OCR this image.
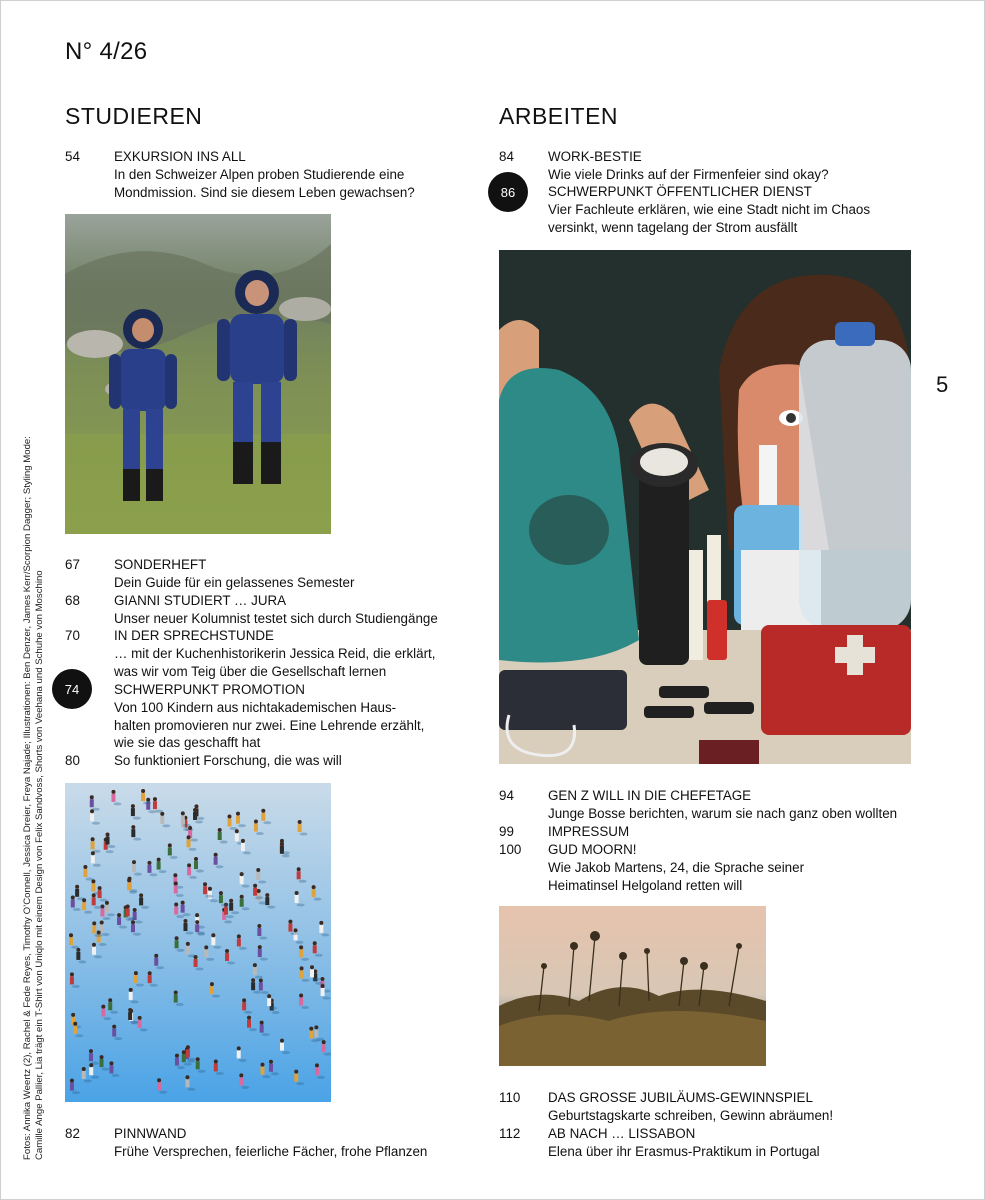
N° 4/26
5
STUDIEREN
54	EXKURSION INS ALL
In den Schweizer Alpen proben Studierende eine
Mondmission. Sind sie diesem Leben gewachsen?
67	SONDERHEFT
Dein Guide für ein gelassenes Semester
68	GIANNI STUDIERT … JURA
Unser neuer Kolumnist testet sich durch Studiengänge
70	IN DER SPRECHSTUNDE
… mit der Kuchenhistorikerin Jessica Reid, die erklärt,
was wir vom Teig über die Gesellschaft lernen
74	SCHWERPUNKT PROMOTION
Von 100 Kindern aus nichtakademischen Haus-
halten promovieren nur zwei. Eine Lehrende erzählt,
wie sie das geschafft hat
80	So funktioniert Forschung, die was will
82	PINNWAND
Frühe Versprechen, feierliche Fächer, frohe Pflanzen
ARBEITEN
84	WORK-BESTIE
Wie viele Drinks auf der Firmenfeier sind okay?
86	SCHWERPUNKT ÖFFENTLICHER DIENST
Vier Fachleute erklären, wie eine Stadt nicht im Chaos
versinkt, wenn tagelang der Strom ausfällt
94	GEN Z WILL IN DIE CHEFETAGE
Junge Bosse berichten, warum sie nach ganz oben wollten
99	IMPRESSUM
100 GUD MOORN!
Wie Jakob Martens, 24, die Sprache seiner
Heimatinsel Helgoland retten will
110 DAS GROSSE JUBILÄUMS-GEWINNSPIEL
Geburtstagskarte schreiben, Gewinn abräumen!
112 AB NACH … LISSABON
Elena über ihr Erasmus-Praktikum in Portugal
Fotos: Annika Weertz (2), Rachel & Fede Reyes, Timothy O’Connell, Jessica Dreier, Freya Najade; Illustrationen: Ben Denzer, James Kerr/Scorpion Dagger; Styling Mode: Camille Ange Pallier, Lia trägt ein T-Shirt von Uniqlo mit einem Design von Felix Sandvoss, Shorts von Veehana und Schuhe von Moschino
